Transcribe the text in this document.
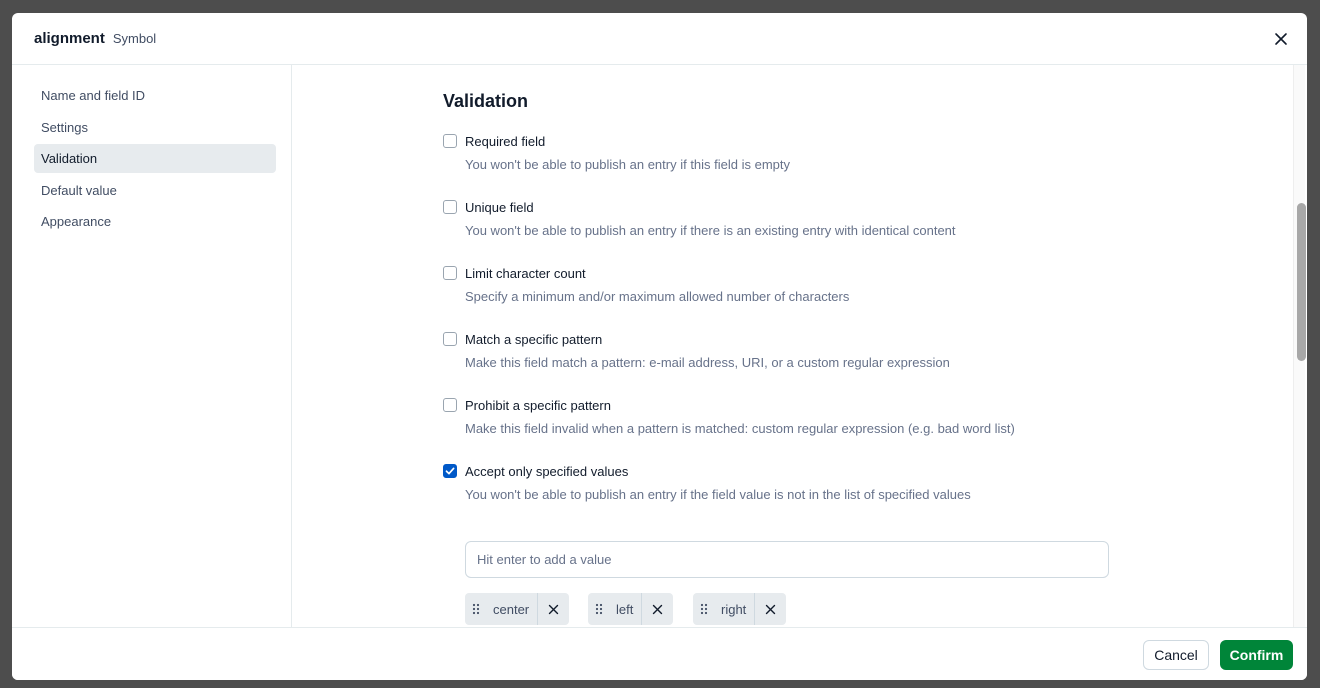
alignment Symbol
Name and field ID
Settings
Validation
Default value
Appearance
Validation
Required field
You won't be able to publish an entry if this field is empty
Unique field
You won't be able to publish an entry if there is an existing entry with identical content
Limit character count
Specify a minimum and/or maximum allowed number of characters
Match a specific pattern
Make this field match a pattern: e-mail address, URI, or a custom regular expression
Prohibit a specific pattern
Make this field invalid when a pattern is matched: custom regular expression (e.g. bad word list)
Accept only specified values
You won't be able to publish an entry if the field value is not in the list of specified values
Hit enter to add a value
center	left	right
Cancel	Confirm
